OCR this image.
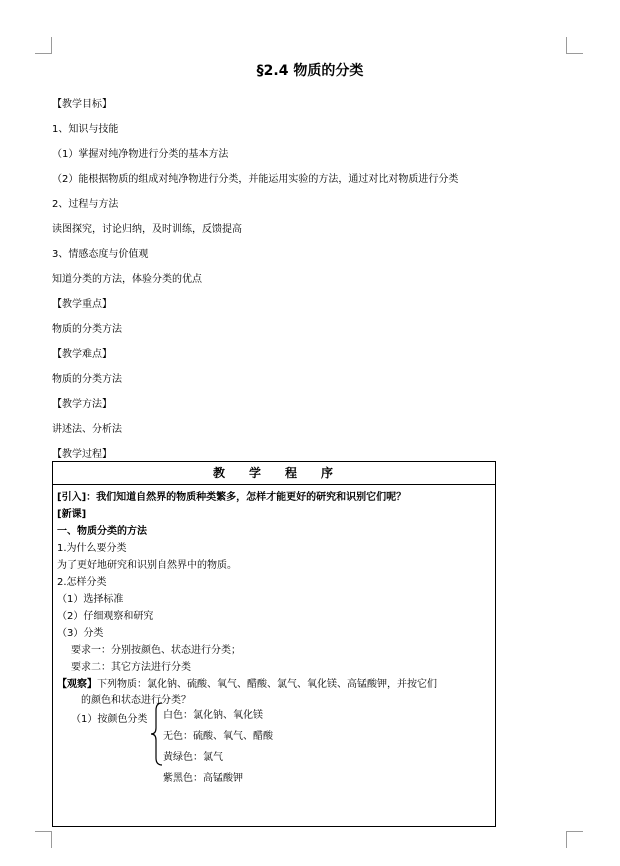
§2.4 物质的分类
【教学目标】
1、知识与技能
（1）掌握对纯净物进行分类的基本方法
（2）能根据物质的组成对纯净物进行分类，并能运用实验的方法，通过对比对物质进行分类
2、过程与方法
读图探究，讨论归纳，及时训练，反馈提高
3、情感态度与价值观
知道分类的方法，体验分类的优点
【教学重点】
物质的分类方法
【教学难点】
物质的分类方法
【教学方法】
讲述法、分析法
【教学过程】
教 学 程 序
[引入]：我们知道自然界的物质种类繁多，怎样才能更好的研究和识别它们呢？
[新课]
一、物质分类的方法
1.为什么要分类
为了更好地研究和识别自然界中的物质。
2.怎样分类
（1）选择标准
（2）仔细观察和研究
（3）分类
要求一：分别按颜色、状态进行分类；
要求二：其它方法进行分类
【观察】下列物质：氯化钠、硫酸、氧气、醋酸、氯气、氧化镁、高锰酸钾，并按它们
的颜色和状态进行分类？
（1）按颜色分类 白色：氯化钠、氧化镁
无色：硫酸、氧气、醋酸
黄绿色：氯气
紫黑色：高锰酸钾
